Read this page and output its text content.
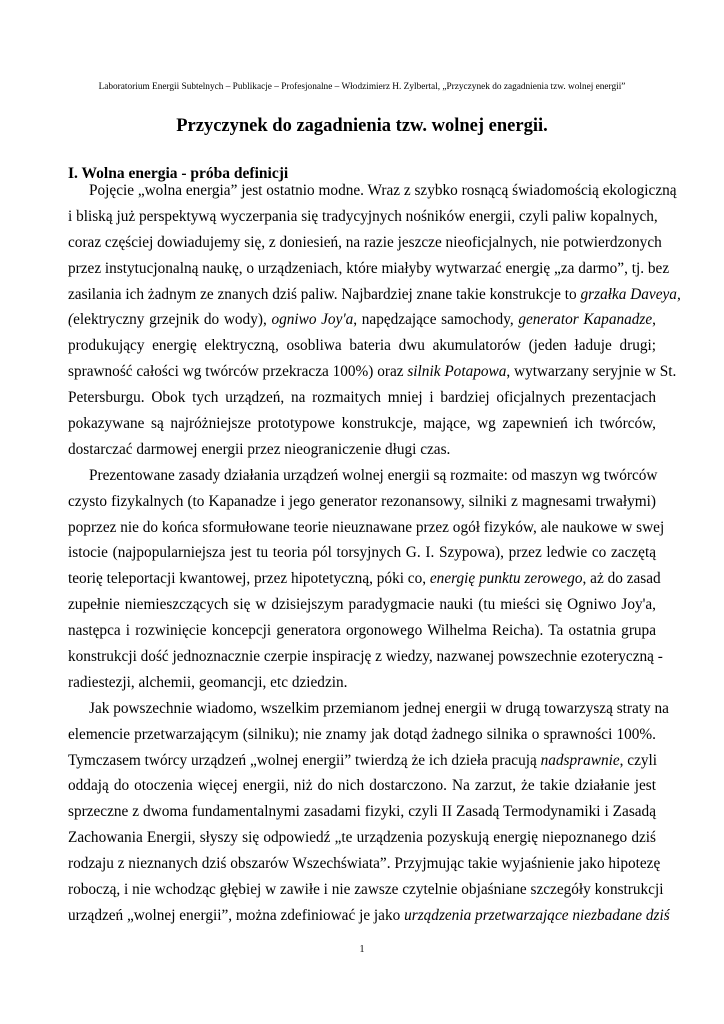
Laboratorium Energii Subtelnych – Publikacje – Profesjonalne – Włodzimierz H. Zylbertal, „Przyczynek do zagadnienia tzw. wolnej energii”
Przyczynek do zagadnienia tzw. wolnej energii.
I. Wolna energia - próba definicji
Pojęcie „wolna energia” jest ostatnio modne. Wraz z szybko rosnącą świadomością ekologiczną
i bliską już perspektywą wyczerpania się tradycyjnych nośników energii, czyli paliw kopalnych,
coraz częściej dowiadujemy się, z doniesień, na razie jeszcze nieoficjalnych, nie potwierdzonych
przez instytucjonalną naukę, o urządzeniach, które miałyby wytwarzać energię „za darmo”, tj. bez
zasilania ich żadnym ze znanych dziś paliw. Najbardziej znane takie konstrukcje to grzałka Daveya,
(elektryczny grzejnik do wody), ogniwo Joy'a, napędzające samochody, generator Kapanadze,
produkujący energię elektryczną, osobliwa bateria dwu akumulatorów (jeden ładuje drugi;
sprawność całości wg twórców przekracza 100%) oraz silnik Potapowa, wytwarzany seryjnie w St.
Petersburgu. Obok tych urządzeń, na rozmaitych mniej i bardziej oficjalnych prezentacjach
pokazywane są najróżniejsze prototypowe konstrukcje, mające, wg zapewnień ich twórców,
dostarczać darmowej energii przez nieograniczenie długi czas.
Prezentowane zasady działania urządzeń wolnej energii są rozmaite: od maszyn wg twórców
czysto fizykalnych (to Kapanadze i jego generator rezonansowy, silniki z magnesami trwałymi)
poprzez nie do końca sformułowane teorie nieuznawane przez ogół fizyków, ale naukowe w swej
istocie (najpopularniejsza jest tu teoria pól torsyjnych G. I. Szypowa), przez ledwie co zaczętą
teorię teleportacji kwantowej, przez hipotetyczną, póki co, energię punktu zerowego, aż do zasad
zupełnie niemieszczących się w dzisiejszym paradygmacie nauki (tu mieści się Ogniwo Joy'a,
następca i rozwinięcie koncepcji generatora orgonowego Wilhelma Reicha). Ta ostatnia grupa
konstrukcji dość jednoznacznie czerpie inspirację z wiedzy, nazwanej powszechnie ezoteryczną -
radiestezji, alchemii, geomancji, etc dziedzin.
Jak powszechnie wiadomo, wszelkim przemianom jednej energii w drugą towarzyszą straty na
elemencie przetwarzającym (silniku); nie znamy jak dotąd żadnego silnika o sprawności 100%.
Tymczasem twórcy urządzeń „wolnej energii” twierdzą że ich dzieła pracują nadsprawnie, czyli
oddają do otoczenia więcej energii, niż do nich dostarczono. Na zarzut, że takie działanie jest
sprzeczne z dwoma fundamentalnymi zasadami fizyki, czyli II Zasadą Termodynamiki i Zasadą
Zachowania Energii, słyszy się odpowiedź „te urządzenia pozyskują energię niepoznanego dziś
rodzaju z nieznanych dziś obszarów Wszechświata”. Przyjmując takie wyjaśnienie jako hipotezę
roboczą, i nie wchodząc głębiej w zawiłe i nie zawsze czytelnie objaśniane szczegóły konstrukcji
urządzeń „wolnej energii”, można zdefiniować je jako urządzenia przetwarzające niezbadane dziś
1
